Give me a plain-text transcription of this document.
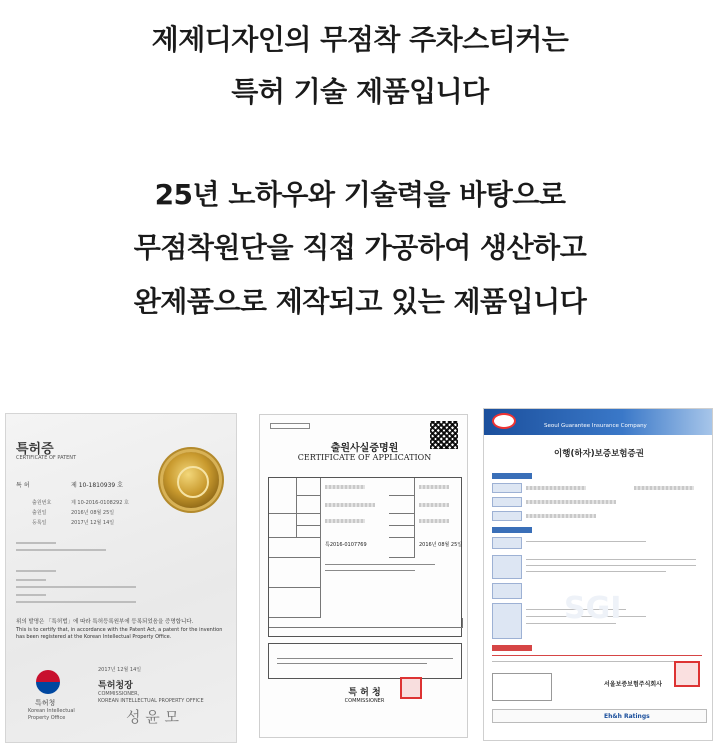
제제디자인의 무점착 주차스티커는
특허 기술 제품입니다
25년 노하우와 기술력을 바탕으로
무점착원단을 직접 가공하여 생산하고
완제품으로 제작되고 있는 제품입니다
특허증
CERTIFICATE OF PATENT
특 허	제 10-1810939 호
출원번호	제 10-2016-0108292 호
출원일	2016년 08월 25일
등록일	2017년 12월 14일
위의 발명은 「특허법」에 따라 특허등록원부에 등록되었음을 증명합니다.
This is to certify that, in accordance with the Patent Act, a patent for the invention
has been registered at the Korean Intellectual Property Office.
2017년 12월 14일
특허청장
COMMISSIONER,
KOREAN INTELLECTUAL PROPERTY OFFICE
특허청
Korean Intellectual
Property Office	성 윤 모
출원사실증명원
CERTIFICATE OF APPLICATION
특2016-0107769	2016년 08월 25일
특 허 청
COMMISSIONER
Seoul Guarantee Insurance Company
이행(하자)보증보험증권
SGI
서울보증보험주식회사
Eh&h Ratings
